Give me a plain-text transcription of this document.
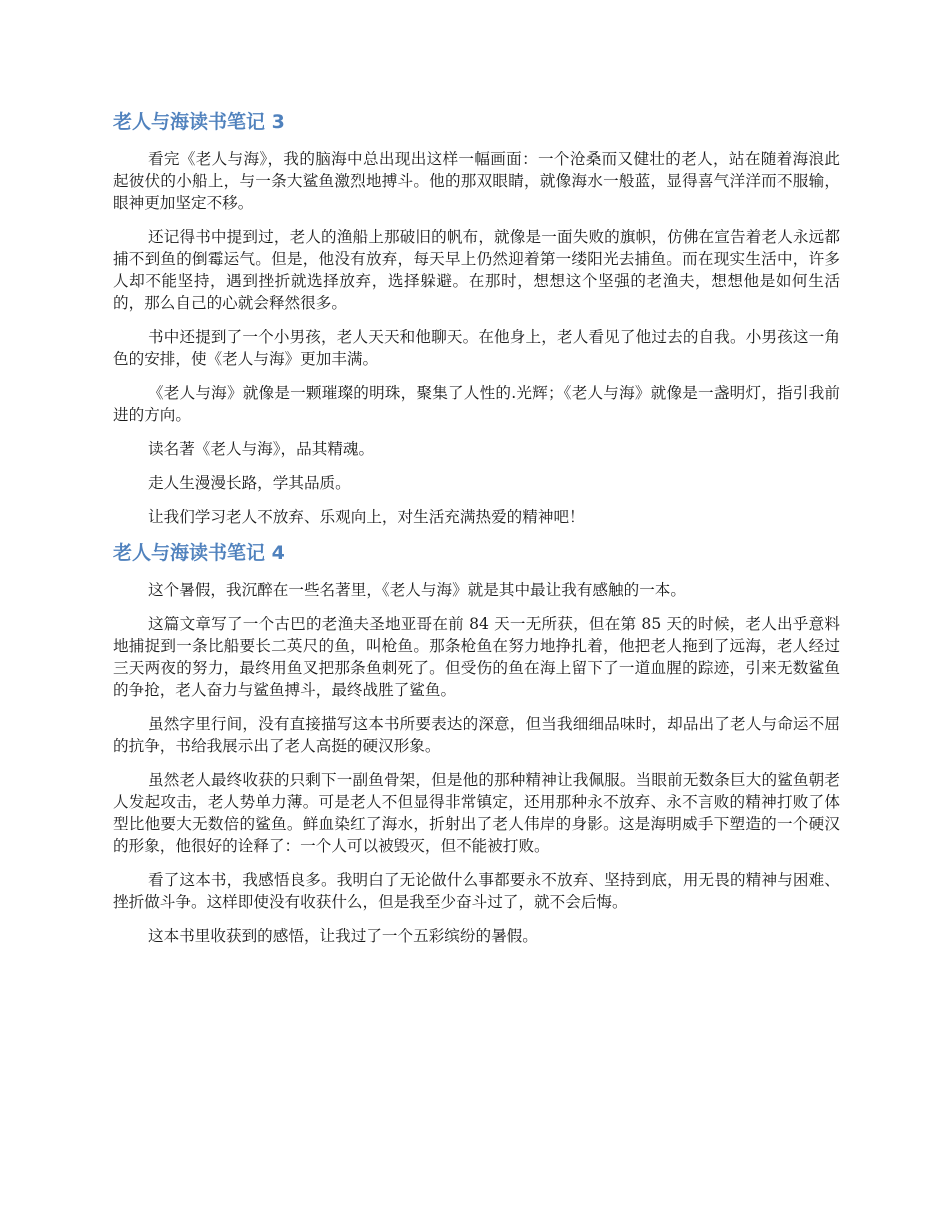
老人与海读书笔记 3

看完《老人与海》，我的脑海中总出现出这样一幅画面：一个沧桑而又健壮的老人，站在随着海浪此起彼伏的小船上，与一条大鲨鱼激烈地搏斗。他的那双眼睛，就像海水一般蓝，显得喜气洋洋而不服输，眼神更加坚定不移。

还记得书中提到过，老人的渔船上那破旧的帆布，就像是一面失败的旗帜，仿佛在宣告着老人永远都捕不到鱼的倒霉运气。但是，他没有放弃，每天早上仍然迎着第一缕阳光去捕鱼。而在现实生活中，许多人却不能坚持，遇到挫折就选择放弃，选择躲避。在那时，想想这个坚强的老渔夫，想想他是如何生活的，那么自己的心就会释然很多。

书中还提到了一个小男孩，老人天天和他聊天。在他身上，老人看见了他过去的自我。小男孩这一角色的安排，使《老人与海》更加丰满。

《老人与海》就像是一颗璀璨的明珠，聚集了人性的.光辉；《老人与海》就像是一盏明灯，指引我前进的方向。

读名著《老人与海》，品其精魂。

走人生漫漫长路，学其品质。

让我们学习老人不放弃、乐观向上，对生活充满热爱的精神吧！

老人与海读书笔记 4

这个暑假，我沉醉在一些名著里，《老人与海》就是其中最让我有感触的一本。

这篇文章写了一个古巴的老渔夫圣地亚哥在前 84 天一无所获，但在第 85 天的时候，老人出乎意料地捕捉到一条比船要长二英尺的鱼，叫枪鱼。那条枪鱼在努力地挣扎着，他把老人拖到了远海，老人经过三天两夜的努力，最终用鱼叉把那条鱼刺死了。但受伤的鱼在海上留下了一道血腥的踪迹，引来无数鲨鱼的争抢，老人奋力与鲨鱼搏斗，最终战胜了鲨鱼。

虽然字里行间，没有直接描写这本书所要表达的深意，但当我细细品味时，却品出了老人与命运不屈的抗争，书给我展示出了老人高挺的硬汉形象。

虽然老人最终收获的只剩下一副鱼骨架，但是他的那种精神让我佩服。当眼前无数条巨大的鲨鱼朝老人发起攻击，老人势单力薄。可是老人不但显得非常镇定，还用那种永不放弃、永不言败的精神打败了体型比他要大无数倍的鲨鱼。鲜血染红了海水，折射出了老人伟岸的身影。这是海明威手下塑造的一个硬汉的形象，他很好的诠释了：一个人可以被毁灭，但不能被打败。

看了这本书，我感悟良多。我明白了无论做什么事都要永不放弃、坚持到底，用无畏的精神与困难、挫折做斗争。这样即使没有收获什么，但是我至少奋斗过了，就不会后悔。

这本书里收获到的感悟，让我过了一个五彩缤纷的暑假。
